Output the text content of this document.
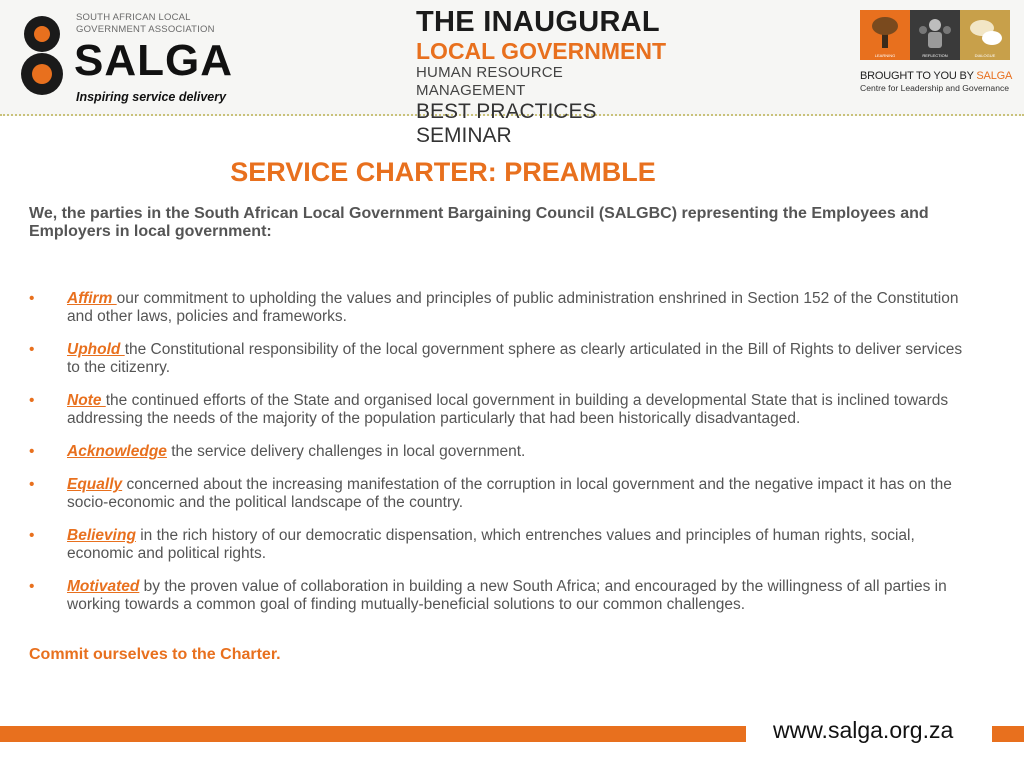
SOUTH AFRICAN LOCAL
GOVERNMENT ASSOCIATION
SALGA
Inspiring service delivery
THE INAUGURAL
LOCAL GOVERNMENT
HUMAN RESOURCE MANAGEMENT
BEST PRACTICES SEMINAR
LEARNING	REFLECTION	DIALOGUE
BROUGHT TO YOU BY SALGA
Centre for Leadership and Governance
SERVICE CHARTER: PREAMBLE
We, the parties in the South African Local Government Bargaining Council (SALGBC) representing the Employees and Employers in local government:
• Affirm our commitment to upholding the values and principles of public administration enshrined in Section 152 of the Constitution and other laws, policies and frameworks.
• Uphold the Constitutional responsibility of the local government sphere as clearly articulated in the Bill of Rights to deliver services to the citizenry.
• Note the continued efforts of the State and organised local government in building a developmental State that is inclined towards addressing the needs of the majority of the population particularly that had been historically disadvantaged.
• Acknowledge the service delivery challenges in local government.
• Equally concerned about the increasing manifestation of the corruption in local government and the negative impact it has on the socio-economic and the political landscape of the country.
• Believing in the rich history of our democratic dispensation, which entrenches values and principles of human rights, social, economic and political rights.
• Motivated by the proven value of collaboration in building a new South Africa; and encouraged by the willingness of all parties in working towards a common goal of finding mutually-beneficial solutions to our common challenges.
Commit ourselves to the Charter.
www.salga.org.za
